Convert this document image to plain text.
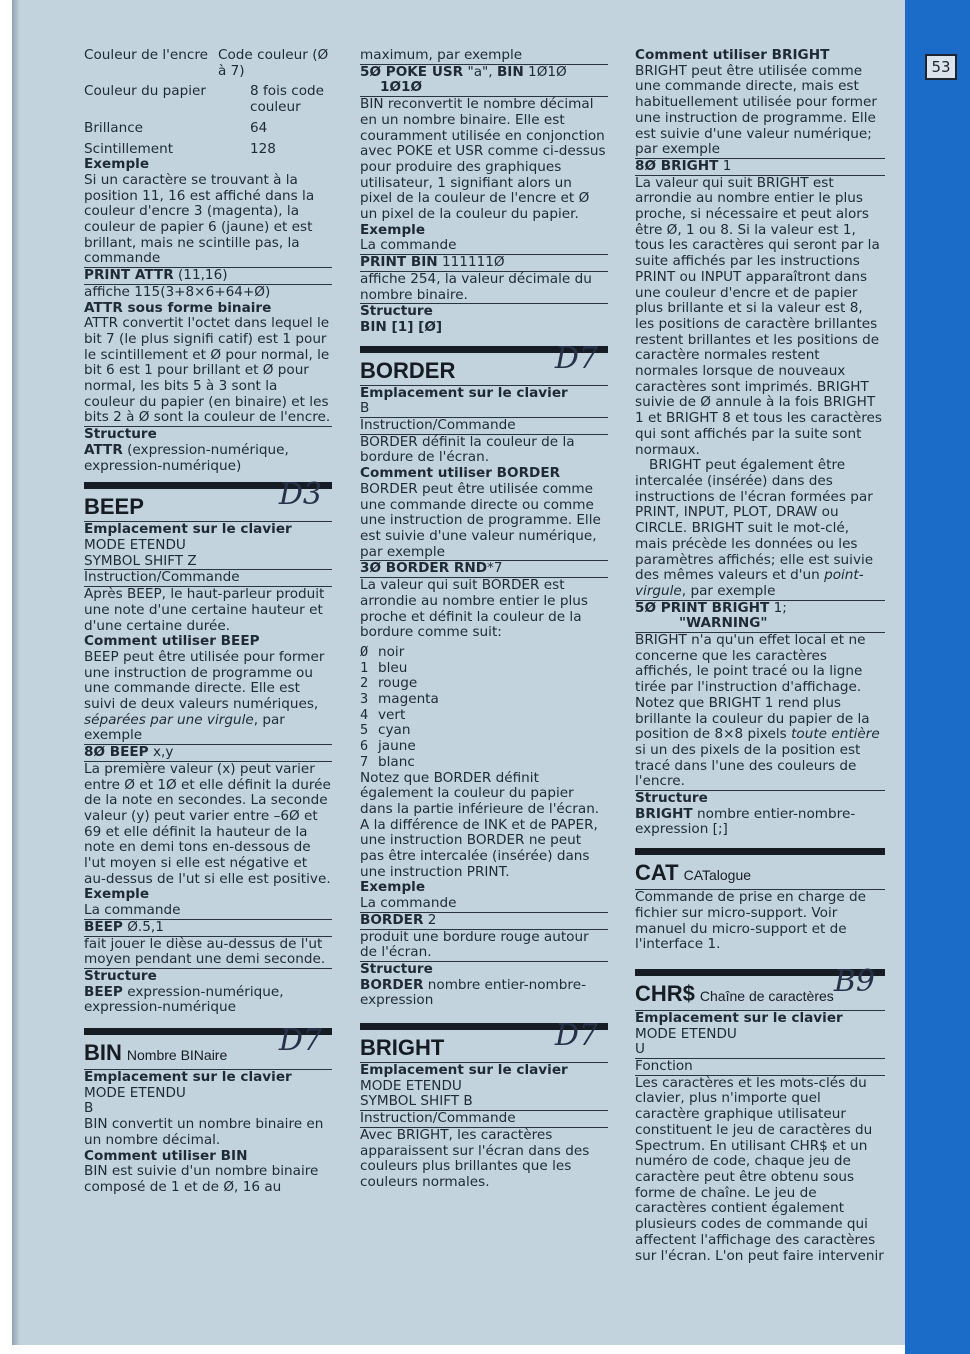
53
Couleur de l'encre	Code couleur (Ø à 7)
Couleur du papier	8 fois code couleur
Brillance	64
Scintillement	128

Exemple

Si un caractère se trouvant à la position 11, 16 est affiché dans la couleur d'encre 3 (magenta), la couleur de papier 6 (jaune) et est brillant, mais ne scintille pas, la commande

PRINT ATTR (11,16)

affiche 115(3+8×6+64+Ø)

ATTR sous forme binaire

ATTR convertit l'octet dans lequel le bit 7 (le plus signifi catif) est 1 pour le scintillement et Ø pour normal, le bit 6 est 1 pour brillant et Ø pour normal, les bits 5 à 3 sont la couleur du papier (en binaire) et les bits 2 à Ø sont la couleur de l'encre.

Structure

ATTR (expression-numérique, expression-numérique)

BEEP	D3

Emplacement sur le clavier

MODE ETENDU

SYMBOL SHIFT Z

Instruction/Commande

Après BEEP, le haut-parleur produit une note d'une certaine hauteur et d'une certaine durée.

Comment utiliser BEEP

BEEP peut être utilisée pour former une instruction de programme ou une commande directe. Elle est suivi de deux valeurs numériques, séparées par une virgule, par exemple

8Ø BEEP x,y

La première valeur (x) peut varier entre Ø et 1Ø et elle définit la durée de la note en secondes. La seconde valeur (y) peut varier entre –6Ø et 69 et elle définit la hauteur de la note en demi tons en-dessous de l'ut moyen si elle est négative et au-dessus de l'ut si elle est positive.

Exemple

La commande

BEEP Ø.5,1

fait jouer le dièse au-dessus de l'ut moyen pendant une demi seconde.

Structure

BEEP expression-numérique, expression-numérique

BIN Nombre BINaire	D7

Emplacement sur le clavier

MODE ETENDU

B

BIN convertit un nombre binaire en un nombre décimal.

Comment utiliser BIN

BIN est suivie d'un nombre binaire composé de 1 et de Ø, 16 au

maximum, par exemple

5Ø POKE USR "a", BIN 1Ø1Ø

1Ø1Ø

BIN reconvertit le nombre décimal en un nombre binaire. Elle est couramment utilisée en conjonction avec POKE et USR comme ci-dessus pour produire des graphiques utilisateur, 1 signifiant alors un pixel de la couleur de l'encre et Ø un pixel de la couleur du papier.

Exemple

La commande

PRINT BIN 111111Ø

affiche 254, la valeur décimale du nombre binaire.

Structure

BIN [1] [Ø]

BORDER	D7

Emplacement sur le clavier

B

Instruction/Commande

BORDER définit la couleur de la bordure de l'écran.

Comment utiliser BORDER

BORDER peut être utilisée comme une commande directe ou comme une instruction de programme. Elle est suivie d'une valeur numérique, par exemple

3Ø BORDER RND*7

La valeur qui suit BORDER est arrondie au nombre entier le plus proche et définit la couleur de la bordure comme suit:

Ø noir
1 bleu
2 rouge
3 magenta
4 vert
5 cyan
6 jaune
7 blanc

Notez que BORDER définit également la couleur du papier dans la partie inférieure de l'écran. A la différence de INK et de PAPER, une instruction BORDER ne peut pas être intercalée (insérée) dans une instruction PRINT.

Exemple

La commande

BORDER 2

produit une bordure rouge autour de l'écran.

Structure

BORDER nombre entier-nombre-expression

BRIGHT	D7

Emplacement sur le clavier

MODE ETENDU

SYMBOL SHIFT B

Instruction/Commande

Avec BRIGHT, les caractères apparaissent sur l'écran dans des couleurs plus brillantes que les couleurs normales.

Comment utiliser BRIGHT

BRIGHT peut être utilisée comme une commande directe, mais est habituellement utilisée pour former une instruction de programme. Elle est suivie d'une valeur numérique; par exemple

8Ø BRIGHT 1

La valeur qui suit BRIGHT est arrondie au nombre entier le plus proche, si nécessaire et peut alors être Ø, 1 ou 8. Si la valeur est 1, tous les caractères qui seront par la suite affichés par les instructions PRINT ou INPUT apparaîtront dans une couleur d'encre et de papier plus brillante et si la valeur est 8, les positions de caractère brillantes restent brillantes et les positions de caractère normales restent normales lorsque de nouveaux caractères sont imprimés. BRIGHT suivie de Ø annule à la fois BRIGHT 1 et BRIGHT 8 et tous les caractères qui sont affichés par la suite sont normaux.

BRIGHT peut également être intercalée (insérée) dans des instructions de l'écran formées par PRINT, INPUT, PLOT, DRAW ou CIRCLE. BRIGHT suit le mot-clé, mais précède les données ou les paramètres affichés; elle est suivie des mêmes valeurs et d'un point-virgule, par exemple

5Ø PRINT BRIGHT 1;

"WARNING"

BRIGHT n'a qu'un effet local et ne concerne que les caractères affichés, le point tracé ou la ligne tirée par l'instruction d'affichage. Notez que BRIGHT 1 rend plus brillante la couleur du papier de la position de 8×8 pixels toute entière si un des pixels de la position est tracé dans l'une des couleurs de l'encre.

Structure

BRIGHT nombre entier-nombre-expression [;]

CAT CATalogue

Commande de prise en charge de fichier sur micro-support. Voir manuel du micro-support et de l'interface 1.

CHR$ Chaîne de caractères B9

Emplacement sur le clavier

MODE ETENDU

U

Fonction

Les caractères et les mots-clés du clavier, plus n'importe quel caractère graphique utilisateur constituent le jeu de caractères du Spectrum. En utilisant CHR$ et un numéro de code, chaque jeu de caractère peut être obtenu sous forme de chaîne. Le jeu de caractères contient également plusieurs codes de commande qui affectent l'affichage des caractères sur l'écran. L'on peut faire intervenir
